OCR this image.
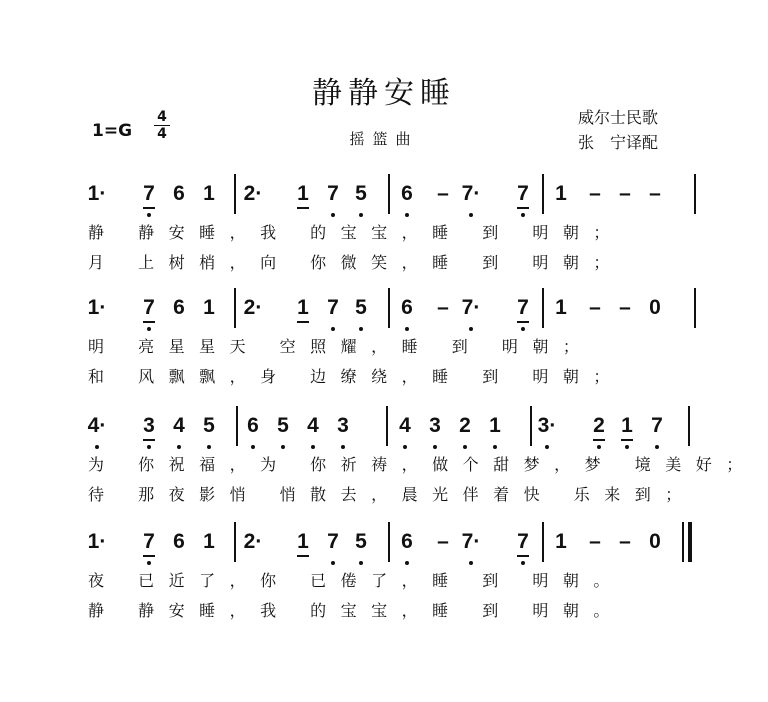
静静安睡
摇篮曲
威尔士民歌
张　宁译配
1=G
4
4
1· 7 6 1 2· 1 7 5 6 – 7· 7 1 – – –
静 静安睡，我 的宝宝，睡 到 明朝；
月 上树梢，向 你微笑，睡 到 明朝；
1· 7 6 1 2· 1 7 5 6 – 7· 7 1 – – 0
明 亮星星天 空照耀，睡 到 明朝；
和 风飘飘，身 边缭绕，睡 到 明朝；
4· 3 4 5 6 5 4 3 4 3 2 1 3· 2 1 7
为 你祝福，为 你祈祷，做个甜梦，梦 境美好；
待 那夜影悄 悄散去，晨光伴着快 乐来到；
1· 7 6 1 2· 1 7 5 6 – 7· 7 1 – – 0
夜 已近了，你 已倦了，睡 到 明朝。
静 静安睡，我 的宝宝，睡 到 明朝。
